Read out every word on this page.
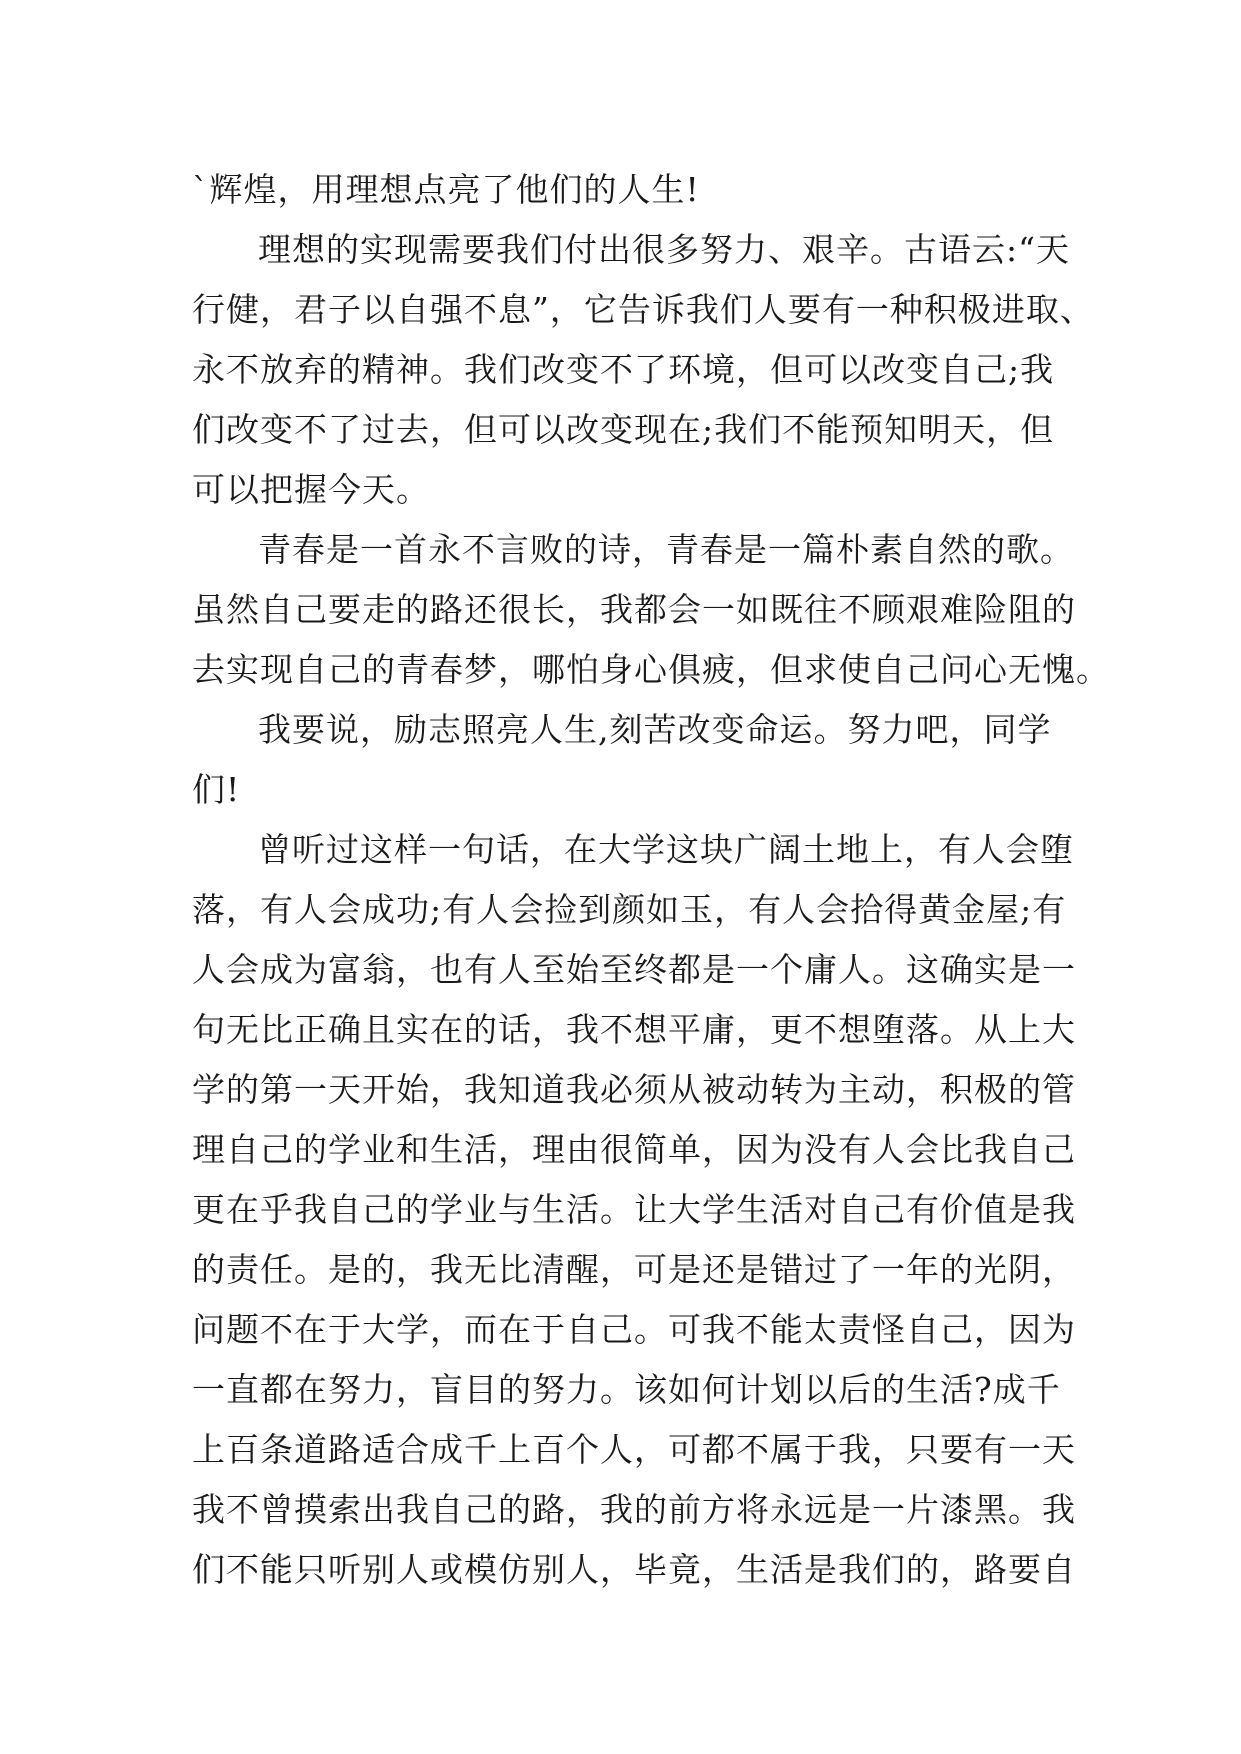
`辉煌，用理想点亮了他们的人生!
理想的实现需要我们付出很多努力、艰辛。古语云:“天
行健，君子以自强不息”，它告诉我们人要有一种积极进取、
永不放弃的精神。我们改变不了环境，但可以改变自己;我
们改变不了过去，但可以改变现在;我们不能预知明天，但
可以把握今天。
青春是一首永不言败的诗，青春是一篇朴素自然的歌。
虽然自己要走的路还很长，我都会一如既往不顾艰难险阻的
去实现自己的青春梦，哪怕身心俱疲，但求使自己问心无愧。
我要说，励志照亮人生,刻苦改变命运。努力吧，同学
们!
曾听过这样一句话，在大学这块广阔土地上，有人会堕
落，有人会成功;有人会捡到颜如玉，有人会拾得黄金屋;有
人会成为富翁，也有人至始至终都是一个庸人。这确实是一
句无比正确且实在的话，我不想平庸，更不想堕落。从上大
学的第一天开始，我知道我必须从被动转为主动，积极的管
理自己的学业和生活，理由很简单，因为没有人会比我自己
更在乎我自己的学业与生活。让大学生活对自己有价值是我
的责任。是的，我无比清醒，可是还是错过了一年的光阴，
问题不在于大学，而在于自己。可我不能太责怪自己，因为
一直都在努力，盲目的努力。该如何计划以后的生活?成千
上百条道路适合成千上百个人，可都不属于我，只要有一天
我不曾摸索出我自己的路，我的前方将永远是一片漆黑。我
们不能只听别人或模仿别人，毕竟，生活是我们的，路要自
